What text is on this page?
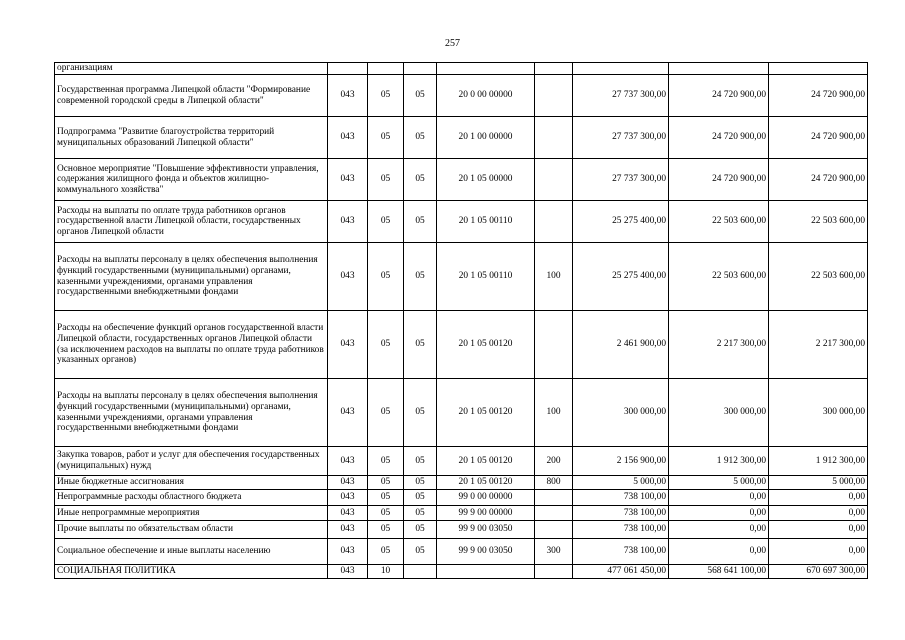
257
организациям								
Государственная программа Липецкой области "Формирование современной городской среды в Липецкой области"	043	05	05	20 0 00 00000		27 737 300,00	24 720 900,00	24 720 900,00
Подпрограмма "Развитие благоустройства территорий муниципальных образований Липецкой области"	043	05	05	20 1 00 00000		27 737 300,00	24 720 900,00	24 720 900,00
Основное мероприятие "Повышение эффективности управления, содержания жилищного фонда и объектов жилищно-коммунального хозяйства"	043	05	05	20 1 05 00000		27 737 300,00	24 720 900,00	24 720 900,00
Расходы на выплаты по оплате труда работников органов государственной власти Липецкой области, государственных органов Липецкой области	043	05	05	20 1 05 00110		25 275 400,00	22 503 600,00	22 503 600,00
Расходы на выплаты персоналу в целях обеспечения выполнения функций государственными (муниципальными) органами, казенными учреждениями, органами управления государственными внебюджетными фондами	043	05	05	20 1 05 00110	100	25 275 400,00	22 503 600,00	22 503 600,00
Расходы на обеспечение функций органов государственной власти Липецкой области, государственных органов Липецкой области (за исключением расходов на выплаты по оплате труда работников указанных органов)	043	05	05	20 1 05 00120		2 461 900,00	2 217 300,00	2 217 300,00
Расходы на выплаты персоналу в целях обеспечения выполнения функций государственными (муниципальными) органами, казенными учреждениями, органами управления государственными внебюджетными фондами	043	05	05	20 1 05 00120	100	300 000,00	300 000,00	300 000,00
Закупка товаров, работ и услуг для обеспечения государственных (муниципальных) нужд	043	05	05	20 1 05 00120	200	2 156 900,00	1 912 300,00	1 912 300,00
Иные бюджетные ассигнования	043	05	05	20 1 05 00120	800	5 000,00	5 000,00	5 000,00
Непрограммные расходы областного бюджета	043	05	05	99 0 00 00000		738 100,00	0,00	0,00
Иные непрограммные мероприятия	043	05	05	99 9 00 00000		738 100,00	0,00	0,00
Прочие выплаты по обязательствам области	043	05	05	99 9 00 03050		738 100,00	0,00	0,00
Социальное обеспечение и иные выплаты населению	043	05	05	99 9 00 03050	300	738 100,00	0,00	0,00
СОЦИАЛЬНАЯ ПОЛИТИКА	043	10				477 061 450,00	568 641 100,00	670 697 300,00
